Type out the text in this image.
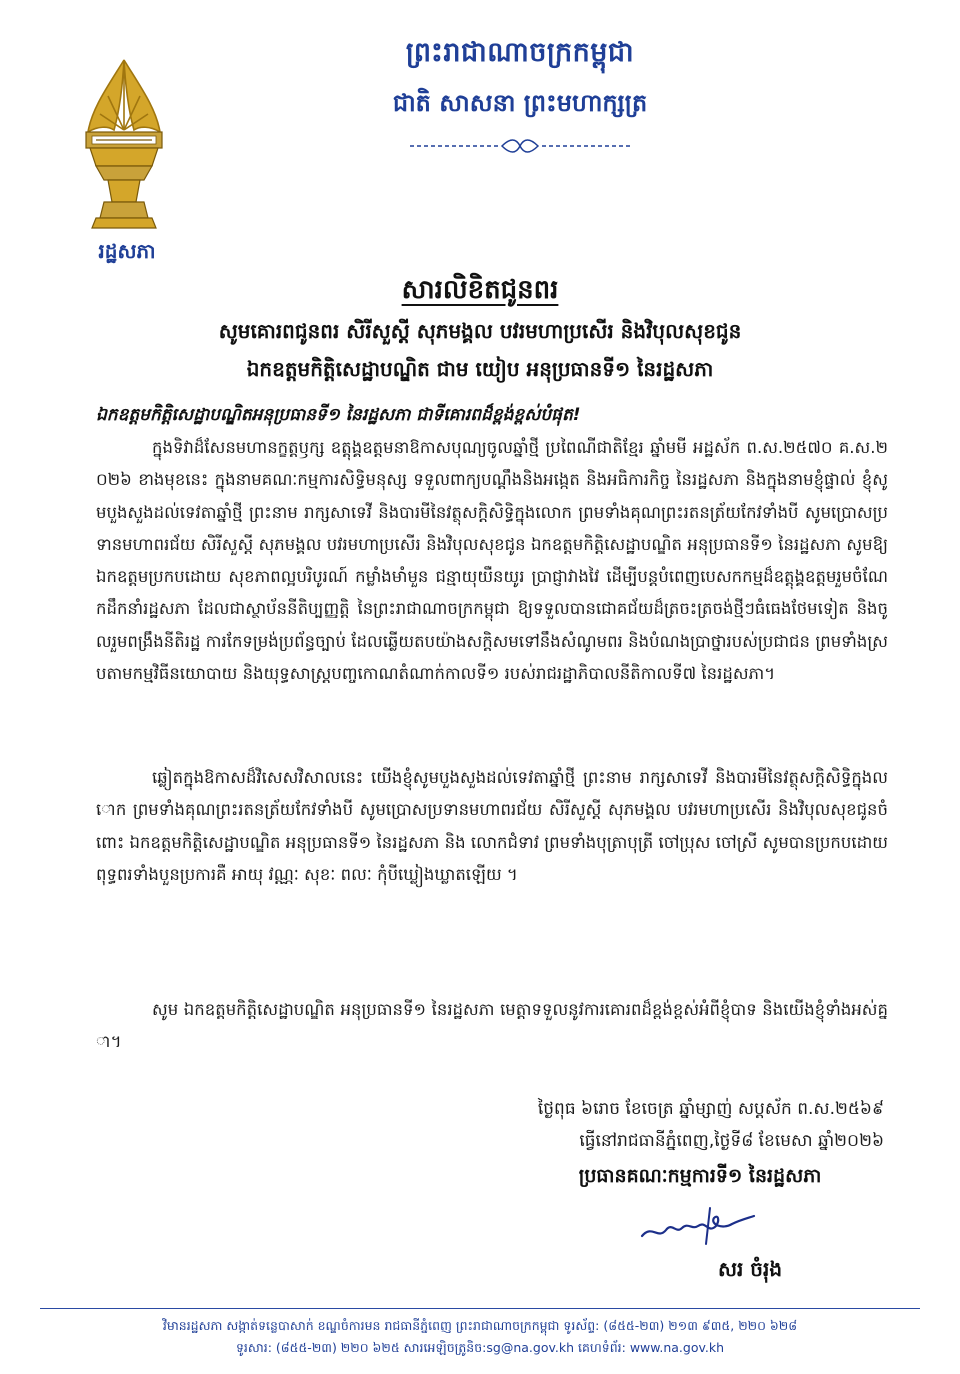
រដ្ឋសភា
ព្រះរាជាណាចក្រកម្ពុជា
ជាតិ សាសនា ព្រះមហាក្សត្រ
សារលិខិតជូនពរ
សូមគោរពជូនពរ សិរីសួស្ដី សុភមង្គល បវរមហាប្រសើរ និងវិបុលសុខជូន
ឯកឧត្តមកិត្តិសេដ្ឋាបណ្ឌិត ជាម យៀប អនុប្រធានទី១ នៃរដ្ឋសភា
ឯកឧត្តមកិត្តិសេដ្ឋាបណ្ឌិតអនុប្រធានទី១ នៃរដ្ឋសភា ជាទីគោរពដ៏ខ្ពង់ខ្ពស់បំផុត!
ក្នុងទិវាដ៏សែនមហានក្ខត្តឫក្ស ឧត្តុង្គឧត្តមនាឱកាសបុណ្យចូលឆ្នាំថ្មី ប្រពៃណីជាតិខ្មែរ ឆ្នាំមមី អដ្ឋស័ក ព.ស.២៥៧០ គ.ស.២០២៦ ខាងមុខនេះ ក្នុងនាមគណៈកម្មការសិទ្ធិមនុស្ស ទទួលពាក្យបណ្ដឹងនិងអង្កេត និងអធិការកិច្ច នៃរដ្ឋសភា និងក្នុងនាមខ្ញុំផ្ទាល់ ខ្ញុំសូមបួងសួងដល់ទេវតាឆ្នាំថ្មី ព្រះនាម រាក្សសាទេវី និងបារមីនៃវត្ថុសក្ដិសិទ្ធិក្នុងលោក ព្រមទាំងគុណព្រះរតនត្រ័យកែវទាំងបី សូមប្រោសប្រទានមហាពរជ័យ សិរីសួស្ដី សុភមង្គល បវរមហាប្រសើរ និងវិបុលសុខជូន ឯកឧត្តមកិត្តិសេដ្ឋាបណ្ឌិត អនុប្រធានទី១ នៃរដ្ឋសភា សូមឱ្យឯកឧត្តមប្រកបដោយ សុខភាពល្អបរិបូរណ៍ កម្លាំងមាំមួន ជន្មាយុយឺនយូរ ប្រាជ្ញាវាងវៃ ដើម្បីបន្តបំពេញបេសកកម្មដ៏ឧត្តុង្គឧត្តមរួមចំណែកដឹកនាំរដ្ឋសភា ដែលជាស្ថាប័ននីតិប្បញ្ញត្តិ នៃព្រះរាជាណាចក្រកម្ពុជា ឱ្យទទួលបានជោគជ័យដ៏ត្រចះត្រចង់ថ្មីៗធំធេងថែមទៀត និងចូលរួមពង្រឹងនីតិរដ្ឋ ការកែទម្រង់ប្រព័ន្ធច្បាប់ ដែលឆ្លើយតបយ៉ាងសក្ដិសមទៅនឹងសំណូមពរ និងបំណងប្រាថ្នារបស់ប្រជាជន ព្រមទាំងស្របតាមកម្មវិធីនយោបាយ និងយុទ្ធសាស្ត្របញ្ចកោណតំណាក់កាលទី១ របស់រាជរដ្ឋាភិបាលនីតិកាលទី៧ នៃរដ្ឋសភា។
ឆ្លៀតក្នុងឱកាសដ៏វិសេសវិសាលនេះ យើងខ្ញុំសូមបួងសួងដល់ទេវតាឆ្នាំថ្មី ព្រះនាម រាក្សសាទេវី និងបារមីនៃវត្ថុសក្ដិសិទ្ធិក្នុងលោក ព្រមទាំងគុណព្រះរតនត្រ័យកែវទាំងបី សូមប្រោសប្រទានមហាពរជ័យ សិរីសួស្ដី សុភមង្គល បវរមហាប្រសើរ និងវិបុលសុខជូនចំពោះ ឯកឧត្តមកិត្តិសេដ្ឋាបណ្ឌិត អនុប្រធានទី១ នៃរដ្ឋសភា និង លោកជំទាវ ព្រមទាំងបុត្រាបុត្រី ចៅប្រុស ចៅស្រី សូមបានប្រកបដោយពុទ្ធពរទាំងបួនប្រការគឺ អាយុ វណ្ណៈ សុខៈ ពលៈ កុំបីឃ្លៀងឃ្លាតឡើយ ។
សូម ឯកឧត្តមកិត្តិសេដ្ឋាបណ្ឌិត អនុប្រធានទី១ នៃរដ្ឋសភា មេត្តាទទួលនូវការគោរពដ៏ខ្ពង់ខ្ពស់អំពីខ្ញុំបាទ និងយើងខ្ញុំទាំងអស់គ្នា។
ថ្ងៃពុធ ៦រោច ខែចេត្រ ឆ្នាំម្សាញ់ សប្ដស័ក ព.ស.២៥៦៩
ធ្វើនៅរាជធានីភ្នំពេញ,ថ្ងៃទី៨ ខែមេសា ឆ្នាំ២០២៦
ប្រធានគណៈកម្មការទី១ នៃរដ្ឋសភា
សរ ចំរុង
វិមានរដ្ឋសភា សង្កាត់ទន្លេបាសាក់ ខណ្ឌចំការមន រាជធានីភ្នំពេញ ព្រះរាជាណាចក្រកម្ពុជា ទូរស័ព្ទ: (៨៥៥-២៣) ២១៣ ៩៣៥, ២២០ ៦២៨
ទូរសារ: (៨៥៥-២៣) ២២០ ៦២៥ សារអេឡិចត្រូនិច:sg@na.gov.kh គេហទំព័រ: www.na.gov.kh
